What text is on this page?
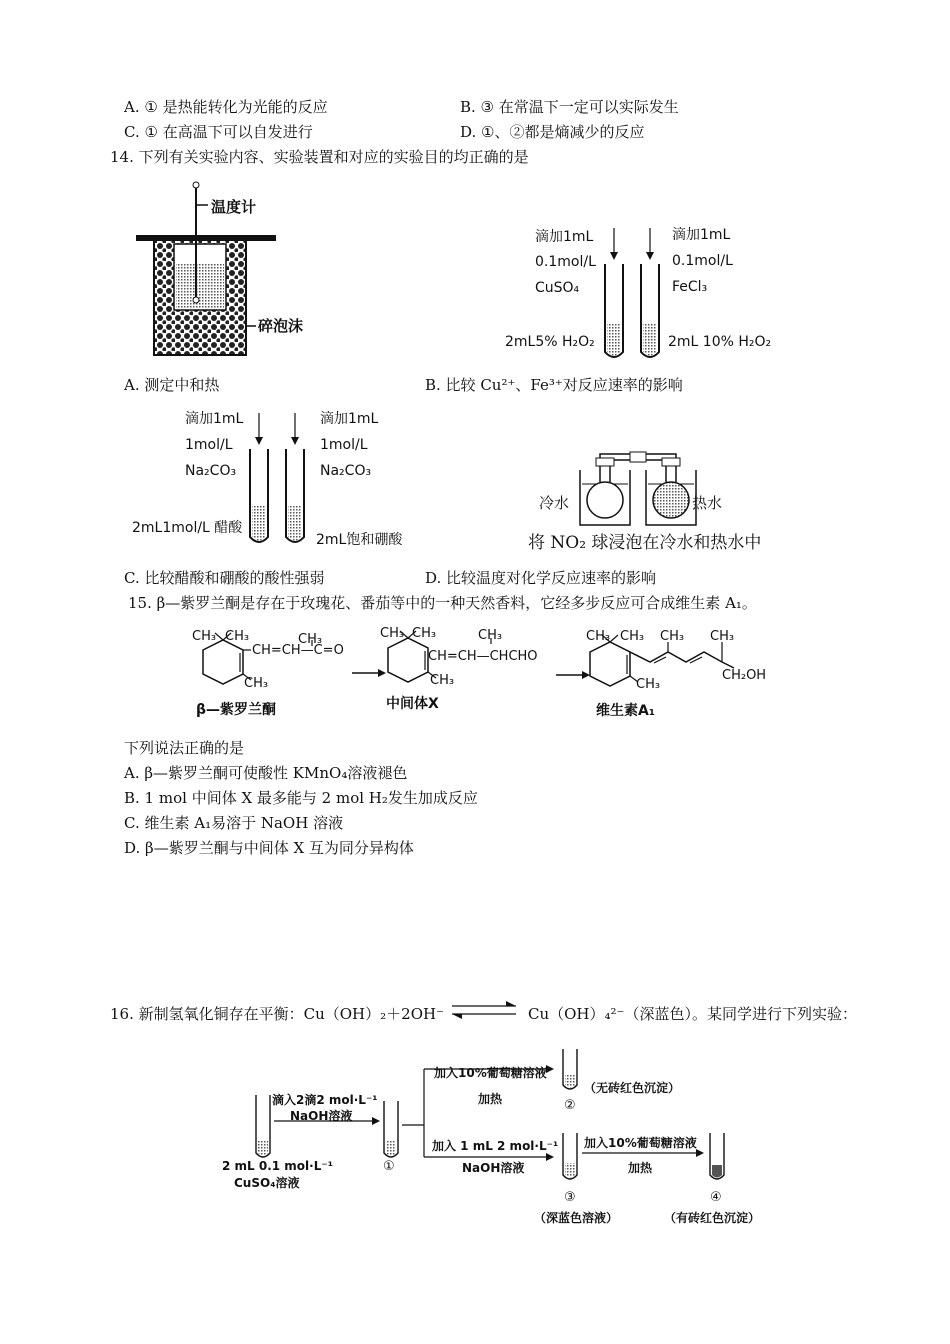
A. ① 是热能转化为光能的反应	B. ③ 在常温下一定可以实际发生
C. ① 在高温下可以自发进行	D. ①、②都是熵减少的反应
14. 下列有关实验内容、实验装置和对应的实验目的均正确的是
温度计
碎泡沫
滴加1mL
0.1mol/L
CuSO₄
滴加1mL
0.1mol/L
FeCl₃
2mL5% H₂O₂	2mL 10% H₂O₂
A. 测定中和热	B. 比较 Cu²⁺、Fe³⁺对反应速率的影响
滴加1mL
1mol/L
Na₂CO₃
滴加1mL
1mol/L
Na₂CO₃
2mL1mol/L 醋酸
2mL饱和硼酸
冷水	热水
将 NO₂ 球浸泡在冷水和热水中
C. 比较醋酸和硼酸的酸性强弱	D. 比较温度对化学反应速率的影响
15. β—紫罗兰酮是存在于玫瑰花、番茄等中的一种天然香料，它经多步反应可合成维生素 A₁。
CH₃ CH₃	CH₃
CH=CH—C=O
CH₃
β—紫罗兰酮
CH₃ CH₃	CH₃
CH=CH—CHCHO
CH₃
中间体X
CH₃ CH₃ CH₃ CH₃
CH₃
CH₂OH
维生素A₁
下列说法正确的是
A. β—紫罗兰酮可使酸性 KMnO₄溶液褪色
B. 1 mol 中间体 X 最多能与 2 mol H₂发生加成反应
C. 维生素 A₁易溶于 NaOH 溶液
D. β—紫罗兰酮与中间体 X 互为同分异构体
16. 新制氢氧化铜存在平衡：Cu（OH）₂＋2OH⁻	Cu（OH）₄²⁻（深蓝色）。某同学进行下列实验：
滴入2滴2 mol·L⁻¹
NaOH溶液
2 mL 0.1 mol·L⁻¹
CuSO₄溶液
①
加入10%葡萄糖溶液
加热	②
（无砖红色沉淀）
加入 1 mL 2 mol·L⁻¹
NaOH溶液
③
（深蓝色溶液）
加入10%葡萄糖溶液
加热
④
（有砖红色沉淀）
